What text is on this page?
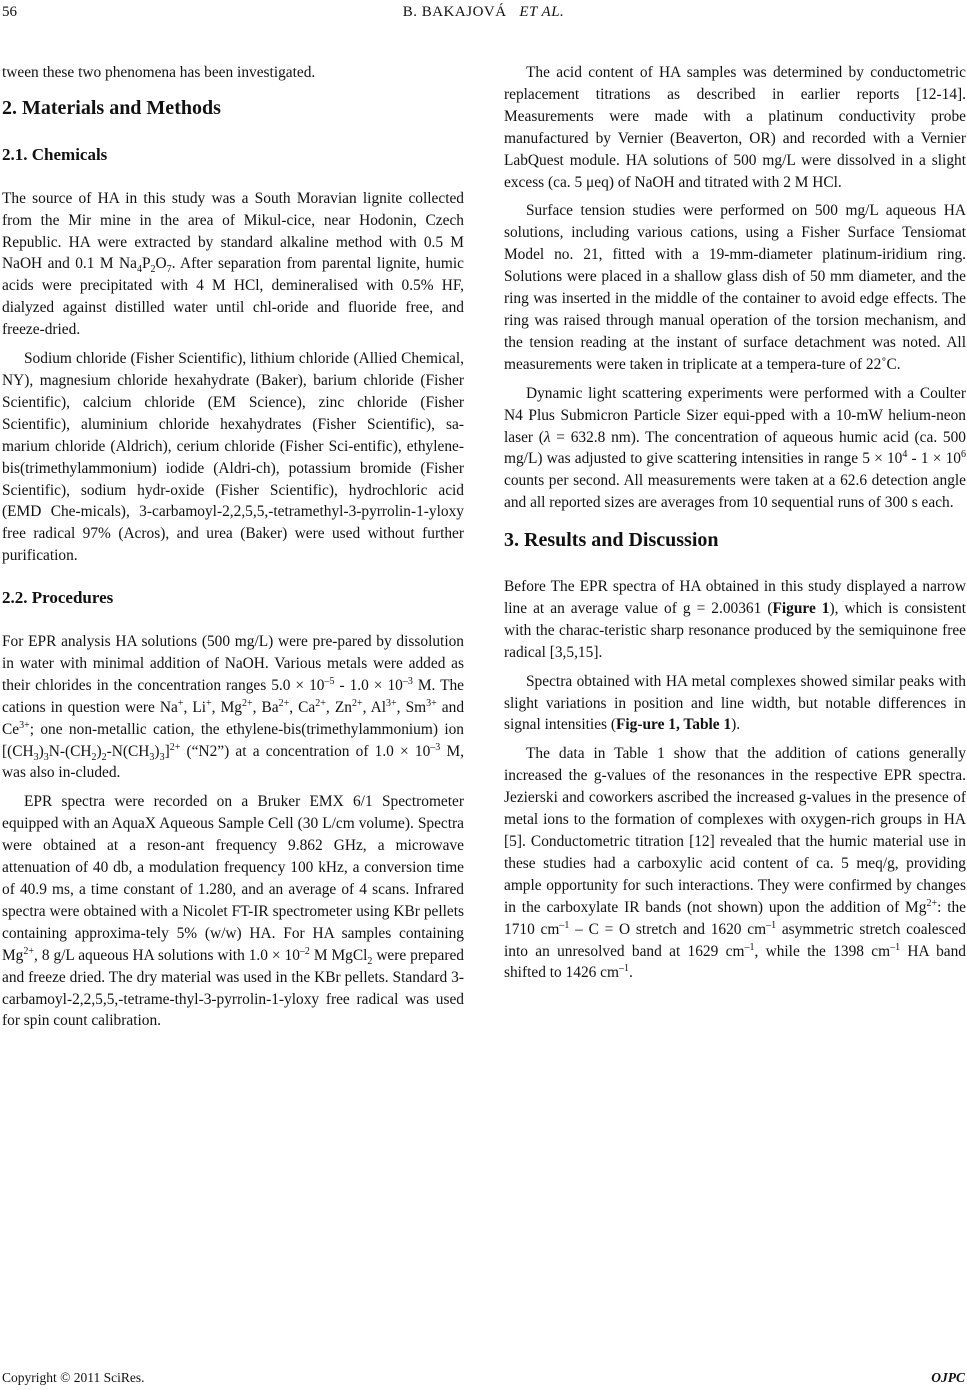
56	B. BAKAJOVÁ ET AL.

tween these two phenomena has been investigated.

2. Materials and Methods
2.1. Chemicals

The source of HA in this study was a South Moravian lignite collected from the Mir mine in the area of Mikul-cice, near Hodonin, Czech Republic. HA were extracted by standard alkaline method with 0.5 M NaOH and 0.1 M $Na_4P_2O_7$. After separation from parental lignite, humic acids were precipitated with 4 M HCl, demineralised with 0.5% HF, dialyzed against distilled water until chl-oride and fluoride free, and freeze-dried.

Sodium chloride (Fisher Scientific), lithium chloride (Allied Chemical, NY), magnesium chloride hexahydrate (Baker), barium chloride (Fisher Scientific), calcium chloride (EM Science), zinc chloride (Fisher Scientific), aluminium chloride hexahydrates (Fisher Scientific), sa-marium chloride (Aldrich), cerium chloride (Fisher Sci-entific), ethylene-bis(trimethylammonium) iodide (Aldri-ch), potassium bromide (Fisher Scientific), sodium hydr-oxide (Fisher Scientific), hydrochloric acid (EMD Che-micals), 3-carbamoyl-2,2,5,5,-tetramethyl-3-pyrrolin-1-yloxy free radical 97% (Acros), and urea (Baker) were used without further purification.

2.2. Procedures

For EPR analysis HA solutions (500 mg/L) were pre-pared by dissolution in water with minimal addition of NaOH. Various metals were added as their chlorides in the concentration ranges $5.0 \times 10^{-5} - 1.0 \times 10^{-3}$ M. The cations in question were Na+, Li+, $Mg^{2+}$, $Ba^{2+}$, $Ca^{2+}$, $Zn^{2+}$, $Al^{3+}$, $Sm^{3+}$ and $Ce^{3+}$; one non-metallic cation, the ethylene-bis(trimethylammonium) ion $[(CH_3)_3N-(CH_2)_2-N(CH_3)_3]^{2+}$ (“N2”) at a concentration of $1.0 \times 10^{-3}$ M, was also in-cluded.

EPR spectra were recorded on a Bruker EMX 6/1 Spectrometer equipped with an AquaX Aqueous Sample Cell (30 L/cm volume). Spectra were obtained at a reson-ant frequency 9.862 GHz, a microwave attenuation of 40 db, a modulation frequency 100 kHz, a conversion time of 40.9 ms, a time constant of 1.280, and an average of 4 scans. Infrared spectra were obtained with a Nicolet FT-IR spectrometer using KBr pellets containing approxima-tely 5% (w/w) HA. For HA samples containing $Mg^{2+}$, 8 g/L aqueous HA solutions with $1.0 \times 10^{-2}$ M MgCl$_2$ were prepared and freeze dried. The dry material was used in the KBr pellets. Standard 3-carbamoyl-2,2,5,5,-tetrame-thyl-3-pyrrolin-1-yloxy free radical was used for spin count calibration.

The acid content of HA samples was determined by conductometric replacement titrations as described in earlier reports [12-14]. Measurements were made with a platinum conductivity probe manufactured by Vernier (Beaverton, OR) and recorded with a Vernier LabQuest module. HA solutions of 500 mg/L were dissolved in a slight excess (ca. 5 μeq) of NaOH and titrated with 2 M HCl.

Surface tension studies were performed on 500 mg/L aqueous HA solutions, including various cations, using a Fisher Surface Tensiomat Model no. 21, fitted with a 19-mm-diameter platinum-iridium ring. Solutions were placed in a shallow glass dish of 50 mm diameter, and the ring was inserted in the middle of the container to avoid edge effects. The ring was raised through manual operation of the torsion mechanism, and the tension reading at the instant of surface detachment was noted. All measurements were taken in triplicate at a tempera-ture of 22˚C.

Dynamic light scattering experiments were performed with a Coulter N4 Plus Submicron Particle Sizer equi-pped with a 10-mW helium-neon laser (λ = 632.8 nm). The concentration of aqueous humic acid (ca. 500 mg/L) was adjusted to give scattering intensities in range $5 \times 10^4 - 1 \times 10^6$ counts per second. All measurements were taken at a 62.6 detection angle and all reported sizes are averages from 10 sequential runs of 300 s each.

3. Results and Discussion

Before The EPR spectra of HA obtained in this study displayed a narrow line at an average value of g = 2.00361 (Figure 1), which is consistent with the charac-teristic sharp resonance produced by the semiquinone free radical [3,5,15].

Spectra obtained with HA metal complexes showed similar peaks with slight variations in position and line width, but notable differences in signal intensities (Fig-ure 1, Table 1).

The data in Table 1 show that the addition of cations generally increased the g-values of the resonances in the respective EPR spectra. Jezierski and coworkers ascribed the increased g-values in the presence of metal ions to the formation of complexes with oxygen-rich groups in HA [5]. Conductometric titration [12] revealed that the humic material use in these studies had a carboxylic acid content of ca. 5 meq/g, providing ample opportunity for such interactions. They were confirmed by changes in the carboxylate IR bands (not shown) upon the addition of $Mg^{2+}$: the 1710 $cm^{-1} - C = O$ stretch and 1620 $cm^{-1}$ asymmetric stretch coalesced into an unresolved band at 1629 $cm^{-1}$, while the 1398 $cm^{-1}$ HA band shifted to 1426 $cm^{-1}$.

Copyright © 2011 SciRes.	OJPC
